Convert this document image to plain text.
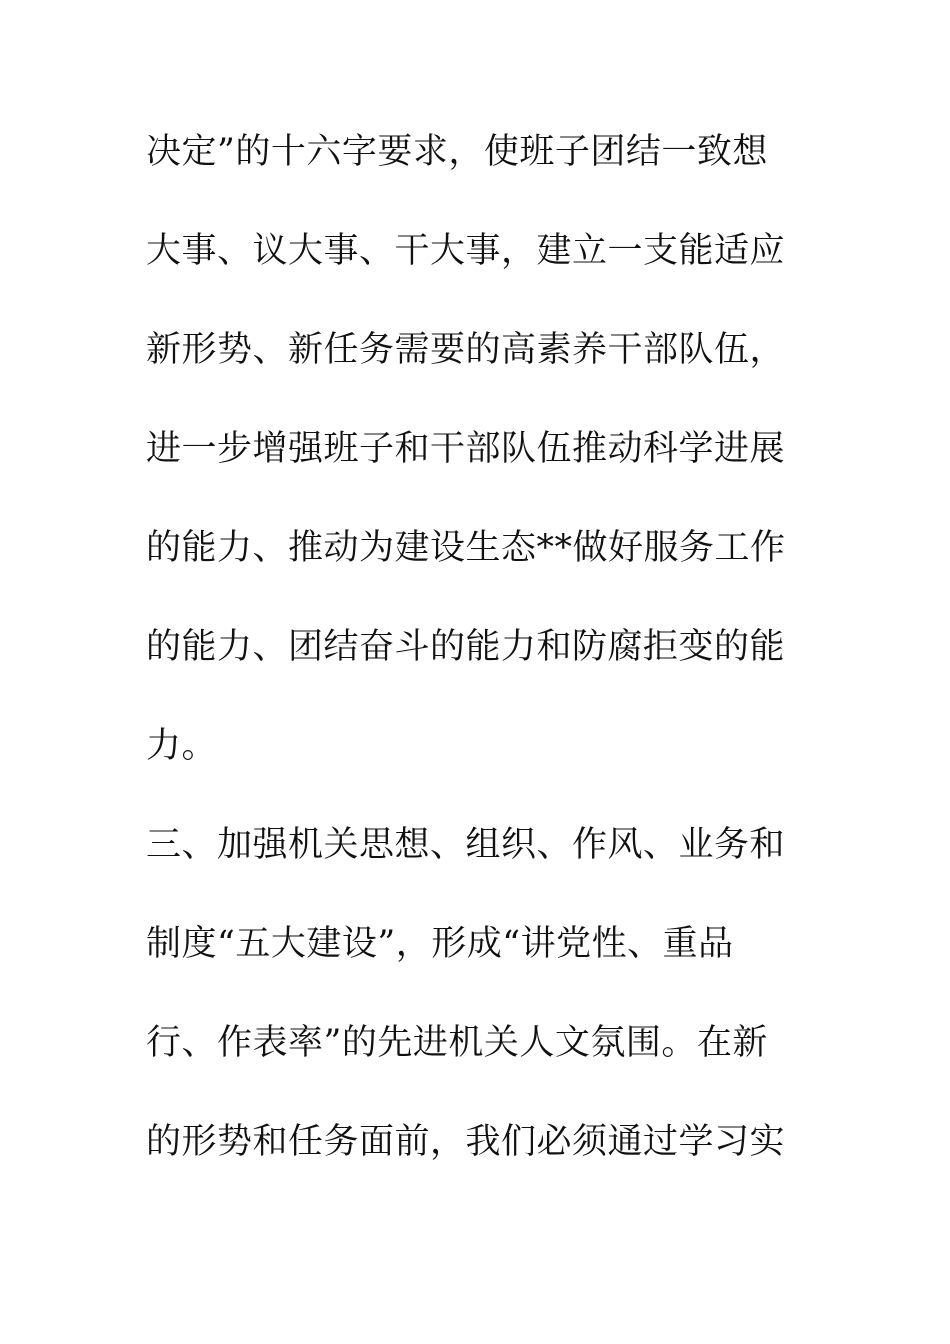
决定”的十六字要求，使班子团结一致想
大事、议大事、干大事，建立一支能适应
新形势、新任务需要的高素养干部队伍，
进一步增强班子和干部队伍推动科学进展
的能力、推动为建设生态**做好服务工作
的能力、团结奋斗的能力和防腐拒变的能
力。
三、加强机关思想、组织、作风、业务和
制度“五大建设”，形成“讲党性、重品
行、作表率”的先进机关人文氛围。在新
的形势和任务面前，我们必须通过学习实
